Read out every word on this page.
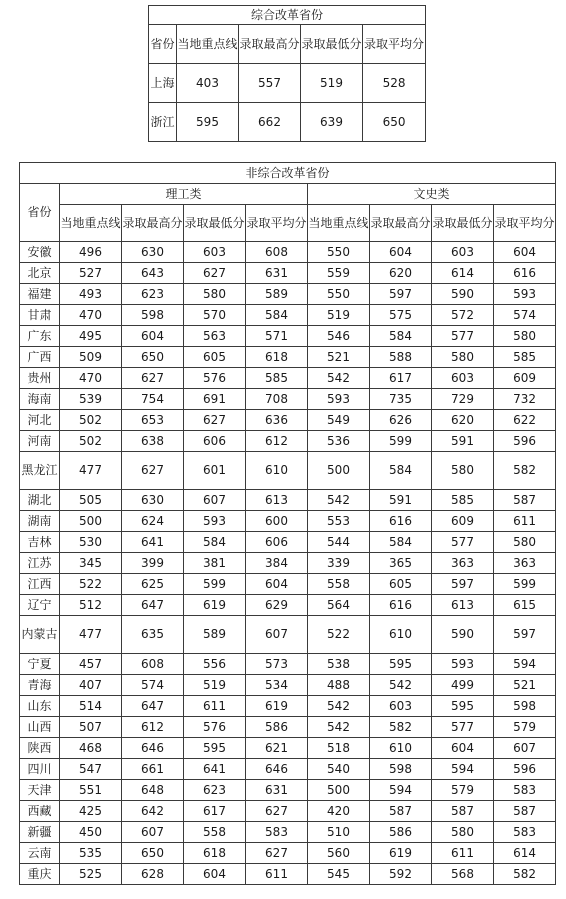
综合改革省份				
省份	当地重点线	录取最高分	录取最低分	录取平均分
上海	403	557	519	528
浙江	595	662	639	650
非综合改革省份								
省份	理工类				文史类			
	当地重点线	录取最高分	录取最低分	录取平均分	当地重点线	录取最高分	录取最低分	录取平均分
安徽	496	630	603	608	550	604	603	604
北京	527	643	627	631	559	620	614	616
福建	493	623	580	589	550	597	590	593
甘肃	470	598	570	584	519	575	572	574
广东	495	604	563	571	546	584	577	580
广西	509	650	605	618	521	588	580	585
贵州	470	627	576	585	542	617	603	609
海南	539	754	691	708	593	735	729	732
河北	502	653	627	636	549	626	620	622
河南	502	638	606	612	536	599	591	596
黑龙江	477	627	601	610	500	584	580	582
湖北	505	630	607	613	542	591	585	587
湖南	500	624	593	600	553	616	609	611
吉林	530	641	584	606	544	584	577	580
江苏	345	399	381	384	339	365	363	363
江西	522	625	599	604	558	605	597	599
辽宁	512	647	619	629	564	616	613	615
内蒙古	477	635	589	607	522	610	590	597
宁夏	457	608	556	573	538	595	593	594
青海	407	574	519	534	488	542	499	521
山东	514	647	611	619	542	603	595	598
山西	507	612	576	586	542	582	577	579
陕西	468	646	595	621	518	610	604	607
四川	547	661	641	646	540	598	594	596
天津	551	648	623	631	500	594	579	583
西藏	425	642	617	627	420	587	587	587
新疆	450	607	558	583	510	586	580	583
云南	535	650	618	627	560	619	611	614
重庆	525	628	604	611	545	592	568	582
